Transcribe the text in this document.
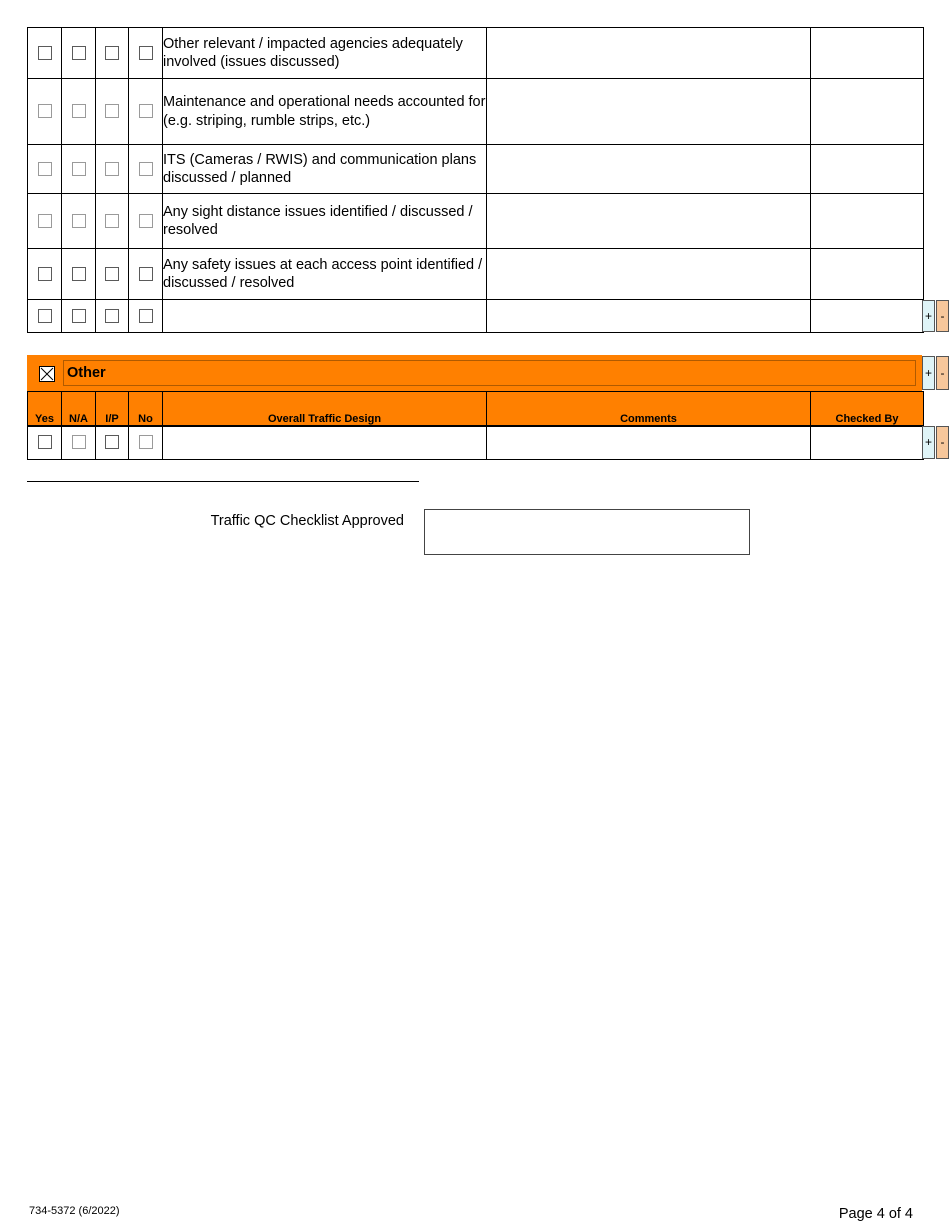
				Other relevant / impacted agencies adequately involved (issues discussed)		
				Maintenance and operational needs accounted for (e.g. striping, rumble strips, etc.)		
				ITS (Cameras / RWIS) and communication plans discussed / planned		
				Any sight distance issues identified / discussed / resolved		
				Any safety issues at each access point identified / discussed / resolved		

+ -
Other	+ -
Yes	N/A	I/P	No	Overall Traffic Design	Comments	Checked By

+ -
Traffic QC Checklist Approved
734-5372 (6/2022)	Page 4 of 4
